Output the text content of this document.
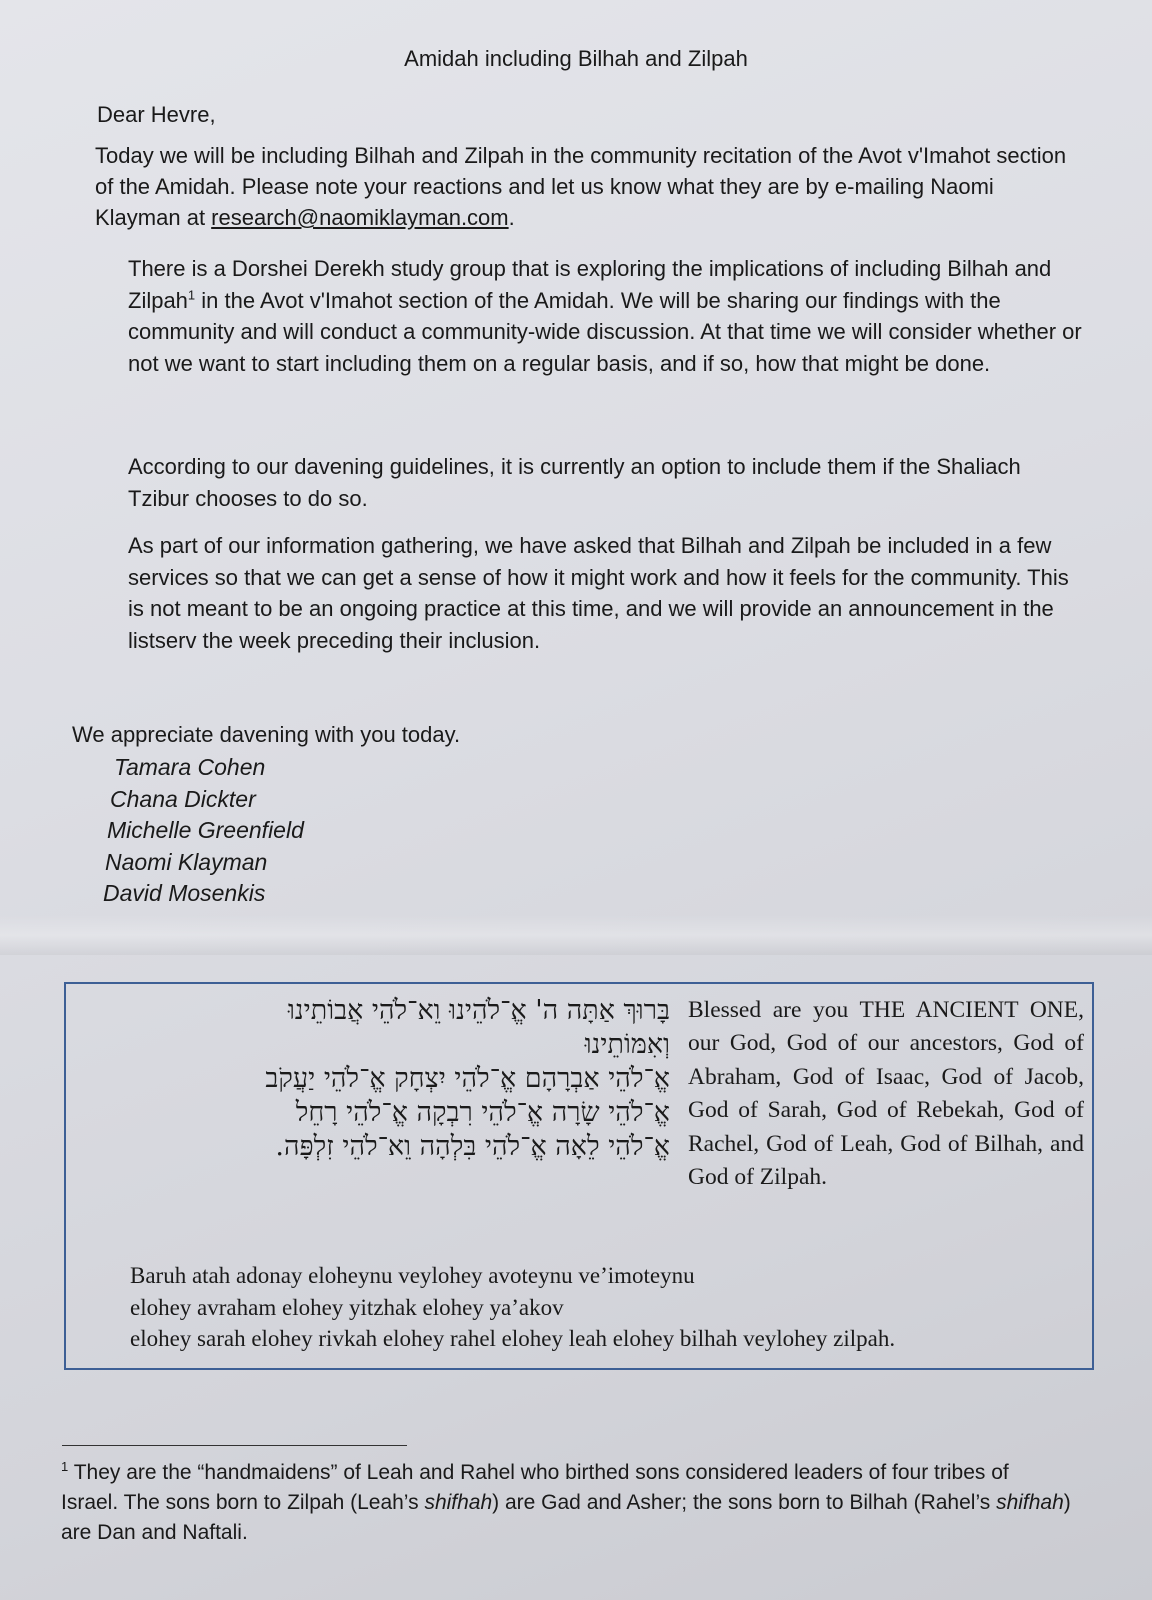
Amidah including Bilhah and Zilpah
Dear Hevre,

Today we will be including Bilhah and Zilpah in the community recitation of the Avot v'Imahot section of the Amidah. Please note your reactions and let us know what they are by e-mailing Naomi Klayman at research@naomiklayman.com.

There is a Dorshei Derekh study group that is exploring the implications of including Bilhah and Zilpah$^1$ in the Avot v'Imahot section of the Amidah. We will be sharing our findings with the community and will conduct a community-wide discussion. At that time we will consider whether or not we want to start including them on a regular basis, and if so, how that might be done.

According to our davening guidelines, it is currently an option to include them if the Shaliach Tzibur chooses to do so.

As part of our information gathering, we have asked that Bilhah and Zilpah be included in a few services so that we can get a sense of how it might work and how it feels for the community. This is not meant to be an ongoing practice at this time, and we will provide an announcement in the listserv the week preceding their inclusion.

We appreciate davening with you today.
Tamara Cohen
Chana Dickter
Michelle Greenfield
Naomi Klayman
David Mosenkis
בָּרוּךְ אַתָּה ה' אֱ־לֹהֵינוּ וֵא־לֹהֵי אֲבוֹתֵינוּ
וְאִמּוֹתֵינוּ
אֱ־לֹהֵי אַבְרָהָם אֱ־לֹהֵי יִצְחָק אֱ־לֹהֵי יַעֲקֹב
אֱ־לֹהֵי שָׂרָה אֱ־לֹהֵי רִבְקָה אֱ־לֹהֵי רָחֵל
אֱ־לֹהֵי לֵאָה אֱ־לֹהֵי בִּלְהָה וֵא־לֹהֵי זִלְפָּה.

Blessed are you THE ANCIENT ONE, our God, God of our ancestors, God of Abraham, God of Isaac, God of Jacob, God of Sarah, God of Rebekah, God of Rachel, God of Leah, God of Bilhah, and God of Zilpah.

Baruh atah adonay eloheynu veylohey avoteynu ve’imoteynu
elohey avraham elohey yitzhak elohey ya’akov
elohey sarah elohey rivkah elohey rahel elohey leah elohey bilhah veylohey zilpah.

$^1$ They are the “handmaidens” of Leah and Rahel who birthed sons considered leaders of four tribes of Israel. The sons born to Zilpah (Leah’s shifhah) are Gad and Asher; the sons born to Bilhah (Rahel’s shifhah) are Dan and Naftali.
